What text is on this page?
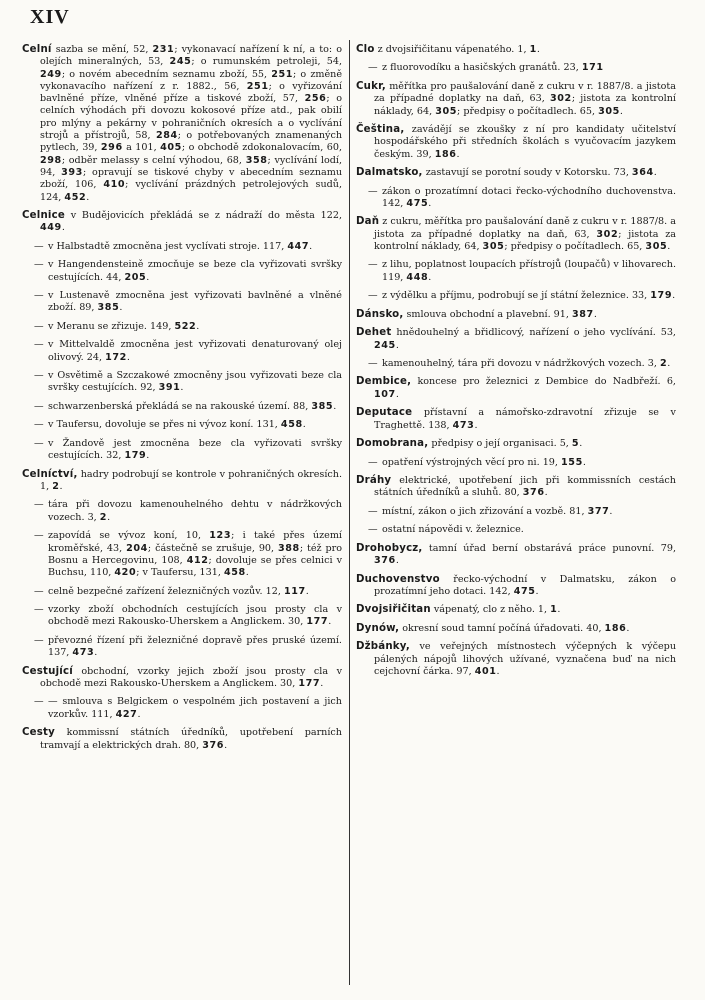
XIV

Celní sazba se mění, 52, 231; vykonavací nařízení k ní, a to: o olejích mineralných, 53, 245; o rumunském petroleji, 54, 249; o novém abecedním seznamu zboží, 55, 251; o změně vykonavacího nařízení z r. 1882., 56, 251; o vyřizování bavlněné příze, vlněné příze a tiskové zboží, 57, 256; o celních výhodách při dovozu kokosové příze atd., pak obilí pro mlýny a pekárny v pohraničních okresích a o vyclívání strojů a přístrojů, 58, 284; o potřebovaných znamenaných pytlech, 39, 296 a 101, 405; o obchodě zdokonalovacím, 60, 298; odběr melassy s celní výhodou, 68, 358; vyclívání lodí, 94, 393; opravují se tiskové chyby v abecedním seznamu zboží, 106, 410; vyclívání prázdných petrolejových sudů, 124, 452.

Celnice v Budějovicích překládá se z nádraží do města 122, 449.

— v Halbstadtě zmocněna jest vyclívati stroje. 117, 447.

— v Hangendensteině zmocňuje se beze cla vyřizovati svršky cestujících. 44, 205.

— v Lustenavě zmocněna jest vyřizovati bavlněné a vlněné zboží. 89, 385.

— v Meranu se zřizuje. 149, 522.

— v Mittelvaldě zmocněna jest vyřizovati denaturovaný olej olivový. 24, 172.

— v Osvětimě a Szczakowé zmocněny jsou vyřizovati beze cla svršky cestujících. 92, 391.

— schwarzenberská překládá se na rakouské území. 88, 385.

— v Taufersu, dovoluje se přes ni vývoz koní. 131, 458.

— v Žandově jest zmocněna beze cla vyřizovati svršky cestujících. 32, 179.

Celníctví, hadry podrobují se kontrole v pohraničných okresích. 1, 2.

— tára při dovozu kamenouhelného dehtu v nádržkových vozech. 3, 2.

— zapovídá se vývoz koní, 10, 123; i také přes území kroměřské, 43, 204; částečně se zrušuje, 90, 388; též pro Bosnu a Hercegovinu, 108, 412; dovoluje se přes celnici v Buchsu, 110, 420; v Taufersu, 131, 458.

— celně bezpečné zařízení železničných vozův. 12, 117.

— vzorky zboží obchodních cestujících jsou prosty cla v obchodě mezi Rakousko-Uherskem a Anglickem. 30, 177.

— převozné řízení při železničné dopravě přes pruské území. 137, 473.

Cestující obchodní, vzorky jejich zboží jsou prosty cla v obchodě mezi Rakousko-Uherskem a Anglickem. 30, 177.

— — smlouva s Belgickem o vespolném jich postavení a jich vzorkův. 111, 427.

Cesty kommissní státních úředníků, upotřebení parních tramvají a elektrických drah. 80, 376.

Clo z dvojsiřičitanu vápenatého. 1, 1.

— z fluorovodíku a hasičských granátů. 23, 171

Cukr, měřítka pro paušalování daně z cukru v r. 1887/8. a jistota za případné doplatky na daň, 63, 302; jistota za kontrolní náklady, 64, 305; předpisy o počítadlech. 65, 305.

Čeština, zavádějí se zkoušky z ní pro kandidaty učitelství hospodářského při středních školách s vyučovacím jazykem českým. 39, 186.

Dalmatsko, zastavují se porotní soudy v Kotorsku. 73, 364.

— zákon o prozatímní dotaci řecko-východního duchovenstva. 142, 475.

Daň z cukru, měřítka pro paušalování daně z cukru v r. 1887/8. a jistota za případné doplatky na daň, 63, 302; jistota za kontrolní náklady, 64, 305; předpisy o počítadlech. 65, 305.

— z lihu, poplatnost loupacích přístrojů (loupačů) v lihovarech. 119, 448.

— z výdělku a příjmu, podrobují se jí státní železnice. 33, 179.

Dánsko, smlouva obchodní a plavební. 91, 387.

Dehet hnědouhelný a břidlicový, nařízení o jeho vyclívání. 53, 245.

— kamenouhelný, tára při dovozu v nádržkových vozech. 3, 2.

Dembice, koncese pro železnici z Dembice do Nadbřeží. 6, 107.

Deputace přístavní a námořsko-zdravotní zřizuje se v Traghettě. 138, 473.

Domobrana, předpisy o její organisaci. 5, 5.

— opatření výstrojných věcí pro ni. 19, 155.

Dráhy elektrické, upotřebení jich při kommissních cestách státních úředníků a sluhů. 80, 376.

— místní, zákon o jich zřizování a vozbě. 81, 377.

— ostatní nápovědi v. železnice.

Drohobycz, tamní úřad berní obstarává práce punovní. 79, 376.

Duchovenstvo řecko-východní v Dalmatsku, zákon o prozatímní jeho dotaci. 142, 475.

Dvojsiřičitan vápenatý, clo z něho. 1, 1.

Dynów, okresní soud tamní počíná úřadovati. 40, 186.

Džbánky, ve veřejných místnostech výčepných k výčepu pálených nápojů lihových užívané, vyznačena buď na nich cejchovní čárka. 97, 401.
